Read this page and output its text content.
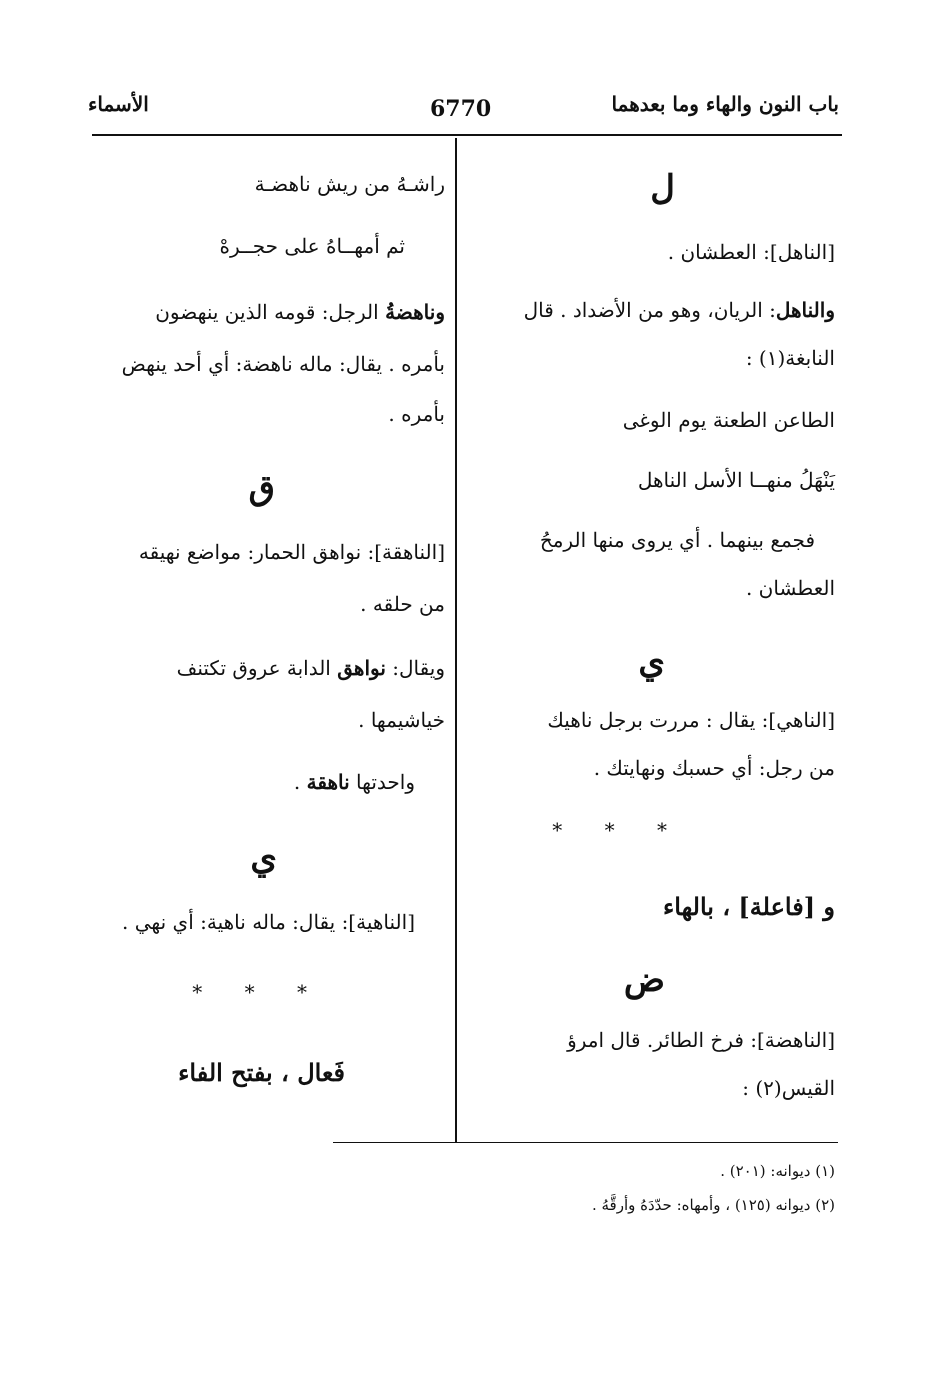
باب النون والهاء وما بعدهما
6770
الأسماء
ل
[الناهل]: العطشان .
والناهل: الريان، وهو من الأضداد . قال
النابغة(١) :
الطاعن الطعنة يوم الوغى
يَنْهَلُ منهــا الأسل الناهل
فجمع بينهما . أي يروى منها الرمحُ
العطشان .
ي
[الناهي]: يقال : مررت برجل ناهيك
من رجل: أي حسبك ونهايتك .
* * *
و [فاعلة] ، بالهاء
ض
[الناهضة]: فرخ الطائر. قال امرؤ
القيس(٢) :
راشـهُ من ريش ناهضـة
ثم أمهــاهُ على حجــرهْ
وناهضةُ الرجل: قومه الذين ينهضون
بأمره . يقال: ماله ناهضة: أي أحد ينهض
بأمره .
ق
[الناهقة]: نواهق الحمار: مواضع نهيقه
من حلقه .
ويقال: نواهق الدابة عروق تكتنف
خياشيمها .
واحدتها ناهقة .
ي
[الناهية]: يقال: ماله ناهية: أي نهي .
* * *
فَعال ، بفتح الفاء
(١) ديوانه: (٢٠١) .
(٢) ديوانه (١٢٥) ، وأمهاه: حدّدَهُ وأرقَّهُ .
